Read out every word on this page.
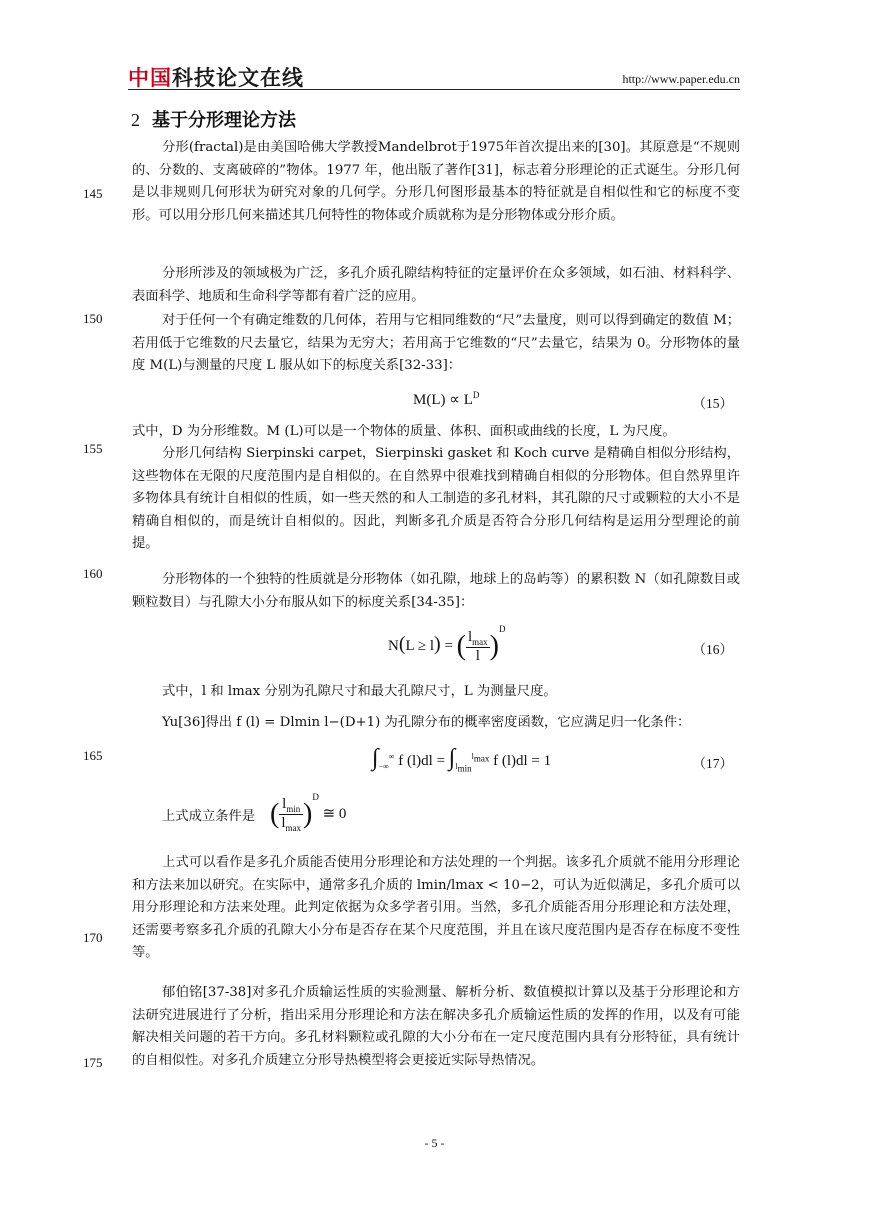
中国科技论文在线	http://www.paper.edu.cn
2 基于分形理论方法
145
150
155
160
165
170
175
分形(fractal)是由美国哈佛大学教授Mandelbrot于1975年首次提出来的[30]。其原意是“不规则的、分数的、支离破碎的”物体。1977 年，他出版了著作[31]，标志着分形理论的正式诞生。分形几何是以非规则几何形状为研究对象的几何学。分形几何图形最基本的特征就是自相似性和它的标度不变形。可以用分形几何来描述其几何特性的物体或介质就称为是分形物体或分形介质。
分形所涉及的领域极为广泛，多孔介质孔隙结构特征的定量评价在众多领域，如石油、材料科学、表面科学、地质和生命科学等都有着广泛的应用。
对于任何一个有确定维数的几何体，若用与它相同维数的“尺”去量度，则可以得到确定的数值 M；若用低于它维数的尺去量它，结果为无穷大；若用高于它维数的“尺”去量它，结果为 0。分形物体的量度 M(L)与测量的尺度 L 服从如下的标度关系[32-33]：
$M(L) \propto L^D$
（15）
式中，D 为分形维数。M (L)可以是一个物体的质量、体积、面积或曲线的长度，L 为尺度。
分形几何结构 Sierpinski carpet，Sierpinski gasket 和 Koch curve 是精确自相似分形结构，这些物体在无限的尺度范围内是自相似的。在自然界中很难找到精确自相似的分形物体。但自然界里许多物体具有统计自相似的性质，如一些天然的和人工制造的多孔材料，其孔隙的尺寸或颗粒的大小不是精确自相似的，而是统计自相似的。因此，判断多孔介质是否符合分形几何结构是运用分型理论的前提。
分形物体的一个独特的性质就是分形物体（如孔隙，地球上的岛屿等）的累积数 N（如孔隙数目或颗粒数目）与孔隙大小分布服从如下的标度关系[34-35]：
N(L ≥ l) = ( $\frac{l_{max}}{l} )^D$
（16）
式中，l 和 lmax 分别为孔隙尺寸和最大孔隙尺寸，L 为测量尺度。
Yu[36]得出 f (l) = Dlmin l−(D+1) 为孔隙分布的概率密度函数，它应满足归一化条件：
$\int_{-\infty}^\infty$ f $(l)dl = \int_{l_{min}}^{l_{max}}$ f (l)dl = 1	（17）
上式成立条件是 ( $\frac{l_{min}}{l_{max}} )^D$ ≅ 0
上式可以看作是多孔介质能否使用分形理论和方法处理的一个判据。该多孔介质就不能用分形理论和方法来加以研究。在实际中，通常多孔介质的 lmin/lmax < 10−2，可认为近似满足，多孔介质可以用分形理论和方法来处理。此判定依据为众多学者引用。当然，多孔介质能否用分形理论和方法处理，还需要考察多孔介质的孔隙大小分布是否存在某个尺度范围，并且在该尺度范围内是否存在标度不变性等。
郁伯铭[37-38]对多孔介质输运性质的实验测量、解析分析、数值模拟计算以及基于分形理论和方法研究进展进行了分析，指出采用分形理论和方法在解决多孔介质输运性质的发挥的作用，以及有可能解决相关问题的若干方向。多孔材料颗粒或孔隙的大小分布在一定尺度范围内具有分形特征，具有统计的自相似性。对多孔介质建立分形导热模型将会更接近实际导热情况。
- 5 -
